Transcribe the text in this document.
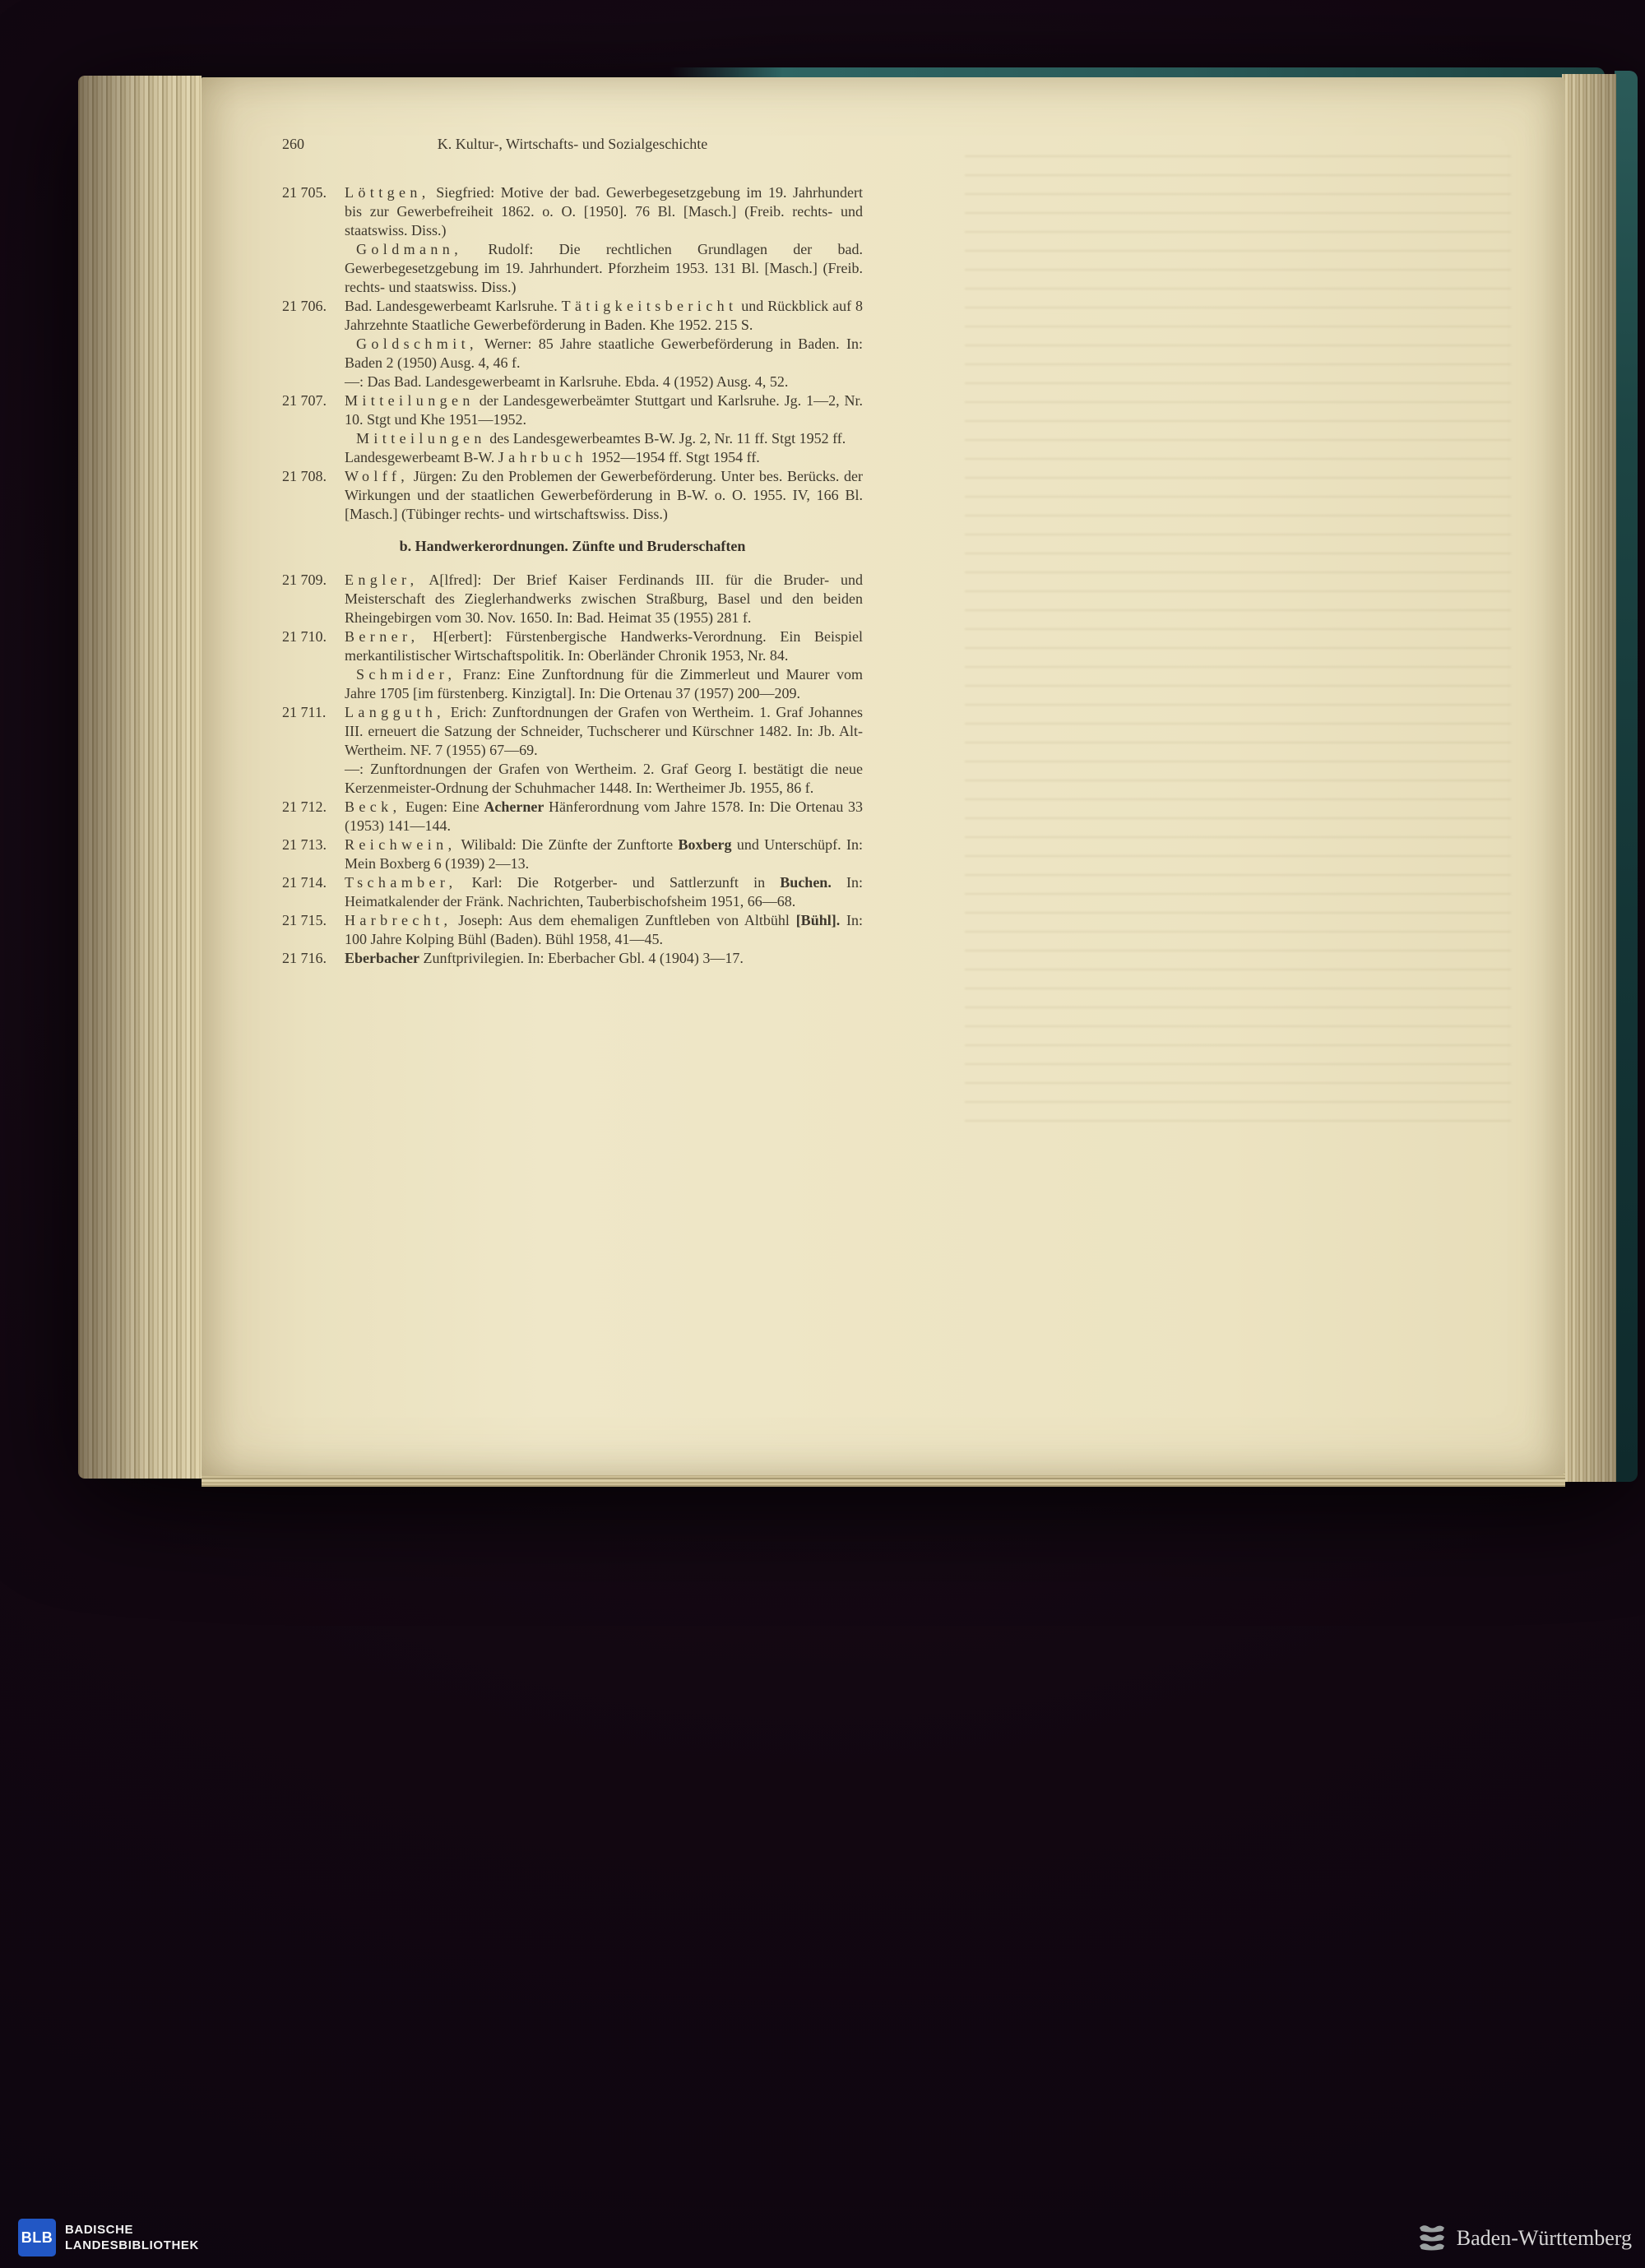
260	K. Kultur-, Wirtschafts- und Sozialgeschichte
21 705.	Löttgen, Siegfried: Motive der bad. Gewerbegesetzgebung im 19. Jahrhundert bis zur Gewerbefreiheit 1862. o. O. [1950]. 76 Bl. [Masch.] (Freib. rechts- und staatswiss. Diss.)

Goldmann, Rudolf: Die rechtlichen Grundlagen der bad. Gewerbegesetzgebung im 19. Jahrhundert. Pforzheim 1953. 131 Bl. [Masch.] (Freib. rechts- und staatswiss. Diss.)

21 706.	Bad. Landesgewerbeamt Karlsruhe. Tätigkeitsbericht und Rückblick auf 8 Jahrzehnte Staatliche Gewerbeförderung in Baden. Khe 1952. 215 S.

Goldschmit, Werner: 85 Jahre staatliche Gewerbeförderung in Baden. In: Baden 2 (1950) Ausg. 4, 46 f.

—: Das Bad. Landesgewerbeamt in Karlsruhe. Ebda. 4 (1952) Ausg. 4, 52.

21 707.	Mitteilungen der Landesgewerbeämter Stuttgart und Karlsruhe. Jg. 1—2, Nr. 10. Stgt und Khe 1951—1952.

Mitteilungen des Landesgewerbeamtes B-W. Jg. 2, Nr. 11 ff. Stgt 1952 ff.

Landesgewerbeamt B-W. Jahrbuch 1952—1954 ff. Stgt 1954 ff.

21 708.	Wolff, Jürgen: Zu den Problemen der Gewerbeförderung. Unter bes. Berücks. der Wirkungen und der staatlichen Gewerbeförderung in B-W. o. O. 1955. IV, 166 Bl. [Masch.] (Tübinger rechts- und wirtschaftswiss. Diss.)

b. Handwerkerordnungen. Zünfte und Bruderschaften
21 709.	Engler, A[lfred]: Der Brief Kaiser Ferdinands III. für die Bruder- und Meisterschaft des Zieglerhandwerks zwischen Straßburg, Basel und den beiden Rheingebirgen vom 30. Nov. 1650. In: Bad. Heimat 35 (1955) 281 f.

21 710.	Berner, H[erbert]: Fürstenbergische Handwerks-Verordnung. Ein Beispiel merkantilistischer Wirtschaftspolitik. In: Oberländer Chronik 1953, Nr. 84.

Schmider, Franz: Eine Zunftordnung für die Zimmerleut und Maurer vom Jahre 1705 [im fürstenberg. Kinzigtal]. In: Die Ortenau 37 (1957) 200—209.

21 711.	Langguth, Erich: Zunftordnungen der Grafen von Wertheim. 1. Graf Johannes III. erneuert die Satzung der Schneider, Tuchscherer und Kürschner 1482. In: Jb. Alt-Wertheim. NF. 7 (1955) 67—69.

—: Zunftordnungen der Grafen von Wertheim. 2. Graf Georg I. bestätigt die neue Kerzenmeister-Ordnung der Schuhmacher 1448. In: Wertheimer Jb. 1955, 86 f.

21 712.	Beck, Eugen: Eine Acherner Hänferordnung vom Jahre 1578. In: Die Ortenau 33 (1953) 141—144.

21 713.	Reichwein, Wilibald: Die Zünfte der Zunftorte Boxberg und Unterschüpf. In: Mein Boxberg 6 (1939) 2—13.

21 714.	Tschamber, Karl: Die Rotgerber- und Sattlerzunft in Buchen. In: Heimatkalender der Fränk. Nachrichten, Tauberbischofsheim 1951, 66—68.

21 715.	Harbrecht, Joseph: Aus dem ehemaligen Zunftleben von Altbühl [Bühl]. In: 100 Jahre Kolping Bühl (Baden). Bühl 1958, 41—45.

21 716.	Eberbacher Zunftprivilegien. In: Eberbacher Gbl. 4 (1904) 3—17.

BLB BADISCHE
LANDESBIBLIOTHEK	Baden-Württemberg
